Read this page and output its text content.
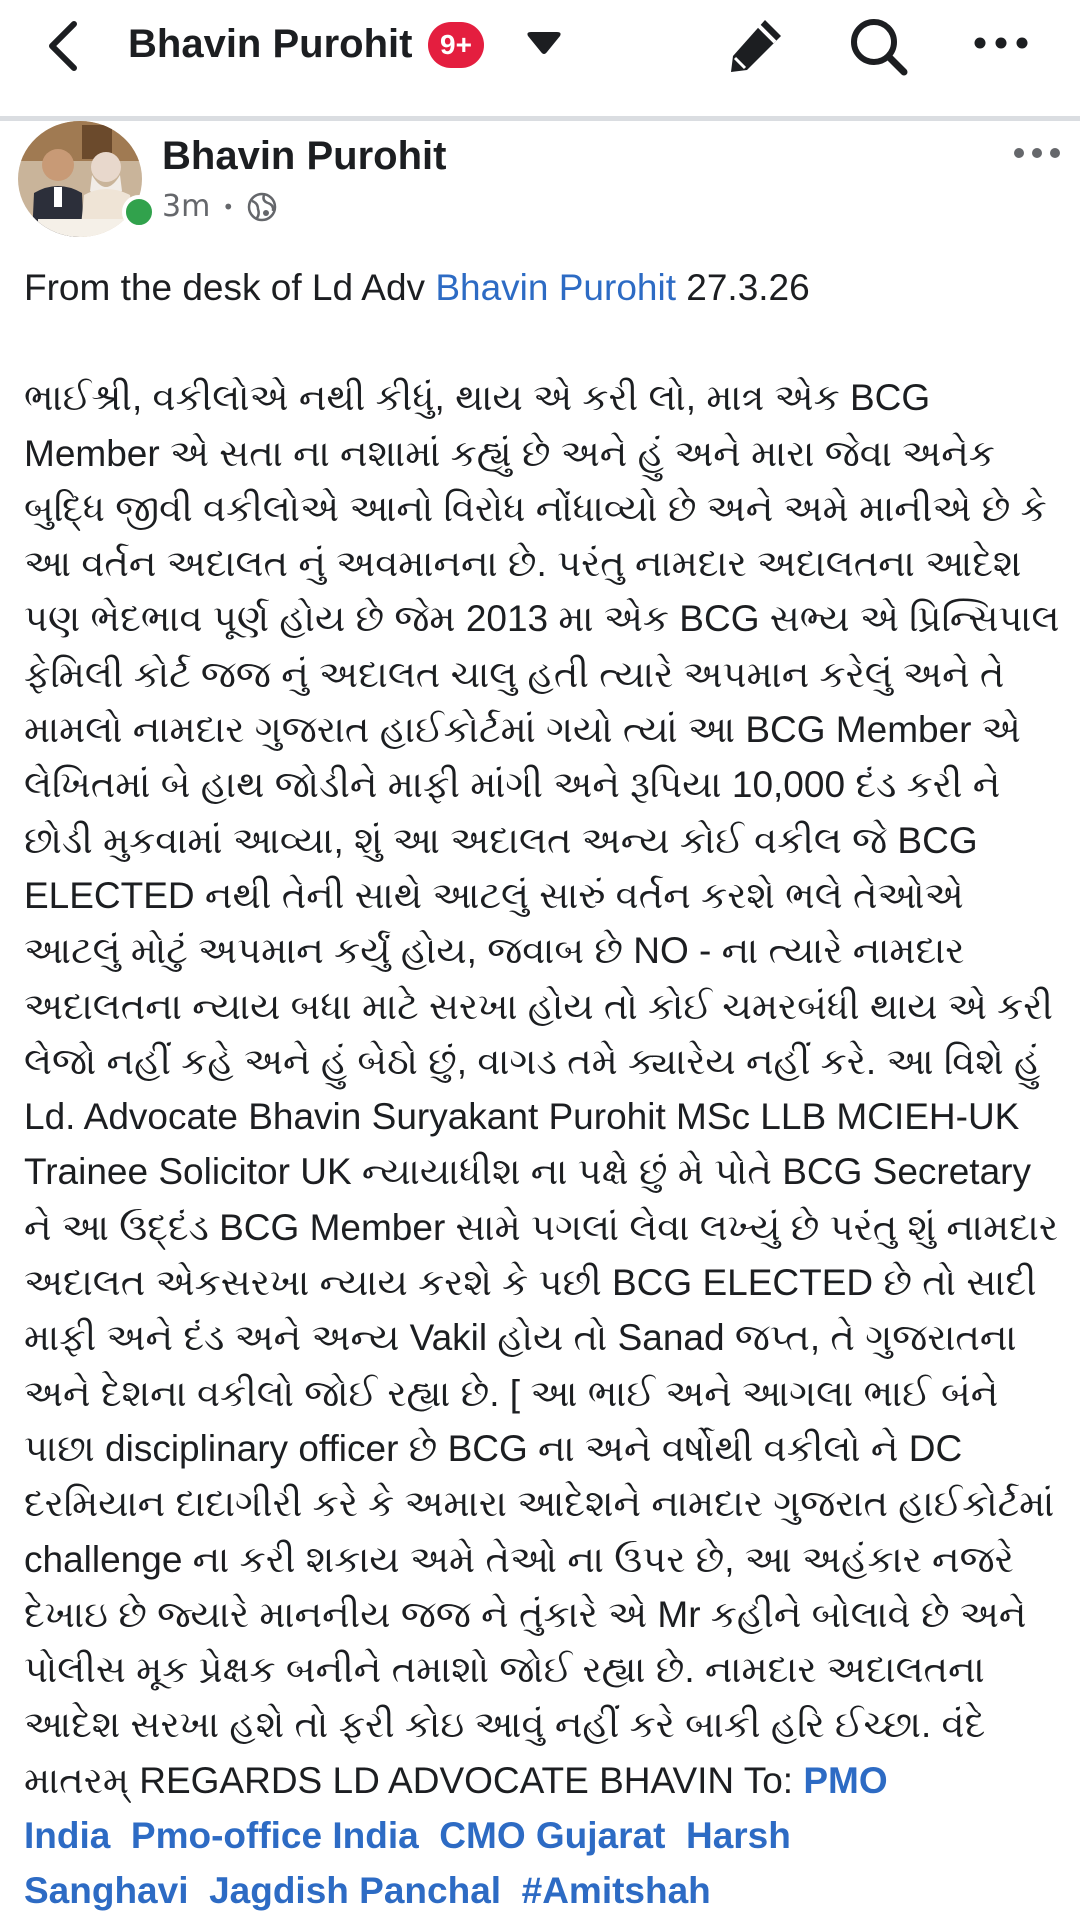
Bhavin Purohit 9+
Bhavin Purohit
3m •

From the desk of Ld Adv Bhavin Purohit 27.3.26

ભાઈશ્રી, વકીલોએ નથી કીધું, થાય એ કરી લો, માત્ર એક BCG Member એ સતા ના નશામાં કહ્યું છે અને હું અને મારા જેવા અનેક બુદ્ધિ જીવી વકીલોએ આનો વિરોધ નોંધાવ્યો છે અને અમે માનીએ છે કે આ વર્તન અદાલત નું અવમાનના છે. પરંતુ નામદાર અદાલતના આદેશ પણ ભેદભાવ પૂર્ણ હોય છે જેમ 2013 મા એક BCG સભ્ય એ પ્રિન્સિપાલ ફેમિલી કોર્ટ જજ નું અદાલત ચાલુ હતી ત્યારે અપમાન કરેલું અને તે મામલો નામદાર ગુજરાત હાઈકોર્ટમાં ગયો ત્યાં આ BCG Member એ લેખિતમાં બે હાથ જોડીને માફી માંગી અને રૂપિયા 10,000 દંડ કરી ને છોડી મુકવામાં આવ્યા, શું આ અદાલત અન્ય કોઈ વકીલ જે BCG ELECTED નથી તેની સાથે આટલું સારું વર્તન કરશે ભલે તેઓએ આટલું મોટું અપમાન કર્યું હોય, જવાબ છે NO - ના ત્યારે નામદાર અદાલતના ન્યાય બધા માટે સરખા હોય તો કોઈ ચમરબંધી થાય એ કરી લેજો નહીં કહે અને હું બેઠો છું, વાગડ તમે ક્યારેય નહીં કરે. આ વિશે હું Ld. Advocate Bhavin Suryakant Purohit MSc LLB MCIEH-UK Trainee Solicitor UK ન્યાયાધીશ ના પક્ષે છું મે પોતે BCG Secretary ને આ ઉદ્દંડ BCG Member સામે પગલાં લેવા લખ્યું છે પરંતુ શું નામદાર અદાલત એકસરખા ન્યાય કરશે કે પછી BCG ELECTED છે તો સાદી માફી અને દંડ અને અન્ય Vakil હોય તો Sanad જપ્ત, તે ગુજરાતના અને દેશના વકીલો જોઈ રહ્યા છે. [ આ ભાઈ અને આગલા ભાઈ બંને પાછા disciplinary officer છે BCG ના અને વર્ષોથી વકીલો ને DC દરમિયાન દાદાગીરી કરે કે અમારા આદેશને નામદાર ગુજરાત હાઈકોર્ટમાં challenge ના કરી શકાય અમે તેઓ ના ઉપર છે, આ અહંકાર નજરે દેખાઇ છે જ્યારે માનનીય જજ ને તુંકારે એ Mr કહીને બોલાવે છે અને પોલીસ મૂક પ્રેક્ષક બનીને તમાશો જોઈ રહ્યા છે. નામદાર અદાલતના આદેશ સરખા હશે તો ફરી કોઇ આવું નહીં કરે બાકી હરિ ઈચ્છા. વંદે માતરમ્ REGARDS LD ADVOCATE BHAVIN To: PMO India Pmo-office India CMO Gujarat Harsh Sanghavi Jagdish Panchal #Amitshah
